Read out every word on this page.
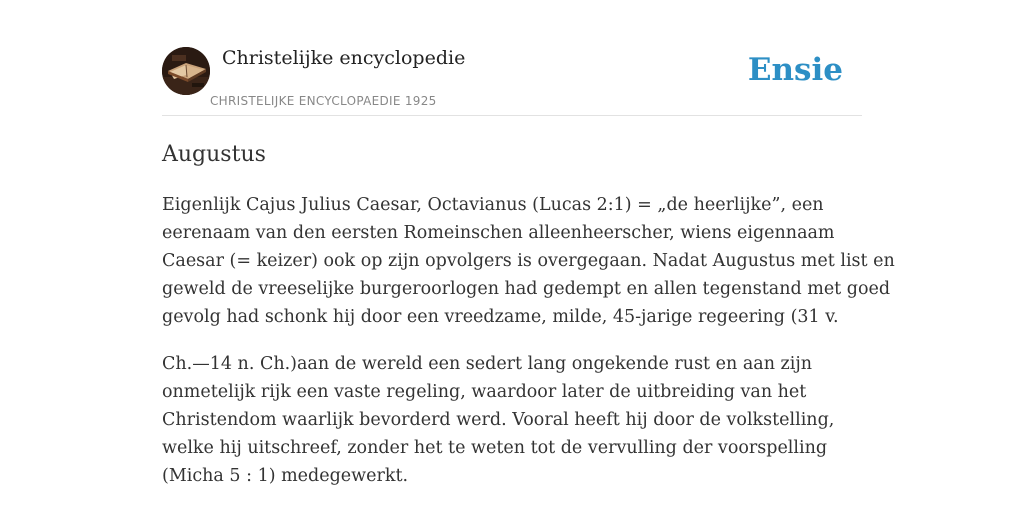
Christelijke encyclopedie
CHRISTELIJKE ENCYCLOPAEDIE 1925
Ensie
Augustus

Eigenlijk Cajus Julius Caesar, Octavianus (Lucas 2:1) = „de heerlijke”, een
eerenaam van den eersten Romeinschen alleenheerscher, wiens eigennaam
Caesar (= keizer) ook op zijn opvolgers is overgegaan. Nadat Augustus met list en
geweld de vreeselijke burgeroorlogen had gedempt en allen tegenstand met goed
gevolg had schonk hij door een vreedzame, milde, 45-jarige regeering (31 v.

Ch.—14 n. Ch.)aan de wereld een sedert lang ongekende rust en aan zijn
onmetelijk rijk een vaste regeling, waardoor later de uitbreiding van het
Christendom waarlijk bevorderd werd. Vooral heeft hij door de volkstelling,
welke hij uitschreef, zonder het te weten tot de vervulling der voorspelling
(Micha 5 : 1) medegewerkt.
